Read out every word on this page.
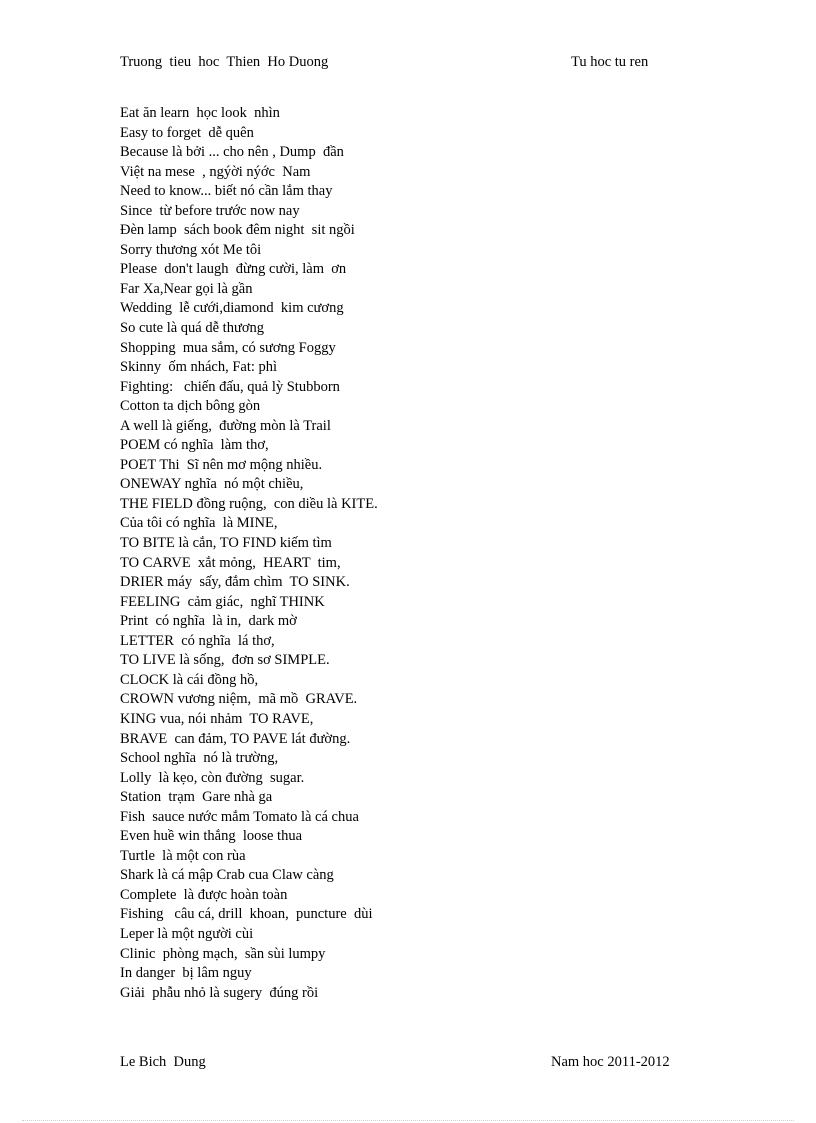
Truong  tieu  hoc  Thien  Ho Duong	Tu hoc tu ren
Eat ăn learn  học look  nhìn
Easy to forget  dễ quên
Because là bởi ... cho nên , Dump  đần
Việt na mese  , ngýời nýớc  Nam
Need to know... biết nó cần lắm thay
Since  từ before trước now nay
Đèn lamp  sách book đêm night  sit ngồi
Sorry thương xót Me tôi
Please  don't laugh  đừng cười, làm  ơn
Far Xa,Near gọi là gần
Wedding  lễ cưới,diamond  kim cương
So cute là quá dễ thương
Shopping  mua sắm, có sương Foggy
Skinny  ốm nhách, Fat: phì
Fighting:   chiến đấu, quả lỳ Stubborn
Cotton ta dịch bông gòn
A well là giếng,  đường mòn là Trail
POEM có nghĩa  làm thơ,
POET Thi  Sĩ nên mơ mộng nhiều.
ONEWAY nghĩa  nó một chiều,
THE FIELD đồng ruộng,  con diều là KITE.
Của tôi có nghĩa  là MINE,
TO BITE là cắn, TO FIND kiếm tìm
TO CARVE  xắt mỏng,  HEART  tim,
DRIER máy  sấy, đắm chìm  TO SINK.
FEELING  cảm giác,  nghĩ THINK
Print  có nghĩa  là in,  dark mờ
LETTER  có nghĩa  lá thơ,
TO LIVE là sống,  đơn sơ SIMPLE.
CLOCK là cái đồng hồ,
CROWN vương niệm,  mã mồ  GRAVE.
KING vua, nói nhảm  TO RAVE,
BRAVE  can đảm, TO PAVE lát đường.
School nghĩa  nó là trường,
Lolly  là kẹo, còn đường  sugar.
Station  trạm  Gare nhà ga
Fish  sauce nước mắm Tomato là cá chua
Even huề win thắng  loose thua
Turtle  là một con rùa
Shark là cá mập Crab cua Claw càng
Complete  là được hoàn toàn
Fishing   câu cá, drill  khoan,  puncture  dùi
Leper là một người cùi
Clinic  phòng mạch,  sần sùi lumpy
In danger  bị lâm nguy
Giải  phẫu nhỏ là sugery  đúng rồi
Le Bich  Dung	Nam hoc 2011-2012
